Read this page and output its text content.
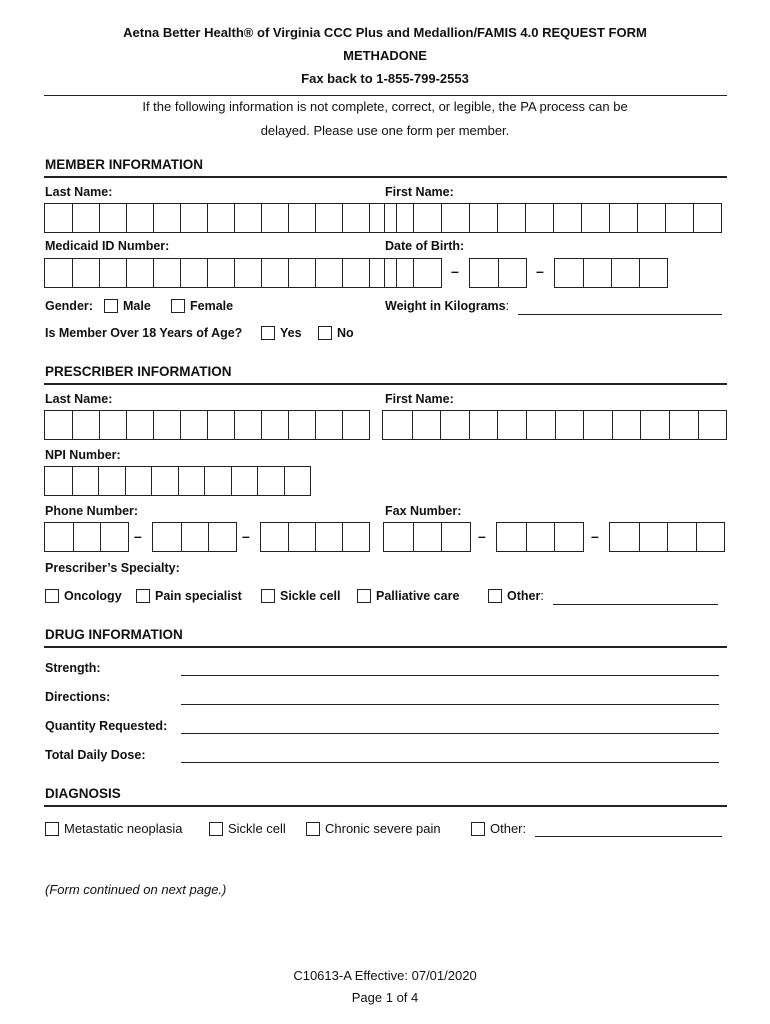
Aetna Better Health® of Virginia CCC Plus and Medallion/FAMIS 4.0 REQUEST FORM
METHADONE
Fax back to 1-855-799-2553
If the following information is not complete, correct, or legible, the PA process can be
delayed. Please use one form per member.
MEMBER INFORMATION
Last Name:	First Name:
Medicaid ID Number:	Date of Birth:
–	–
Gender:	Male	Female	Weight in Kilograms:
Is Member Over 18 Years of Age?	Yes	No
PRESCRIBER INFORMATION
Last Name:	First Name:
NPI Number:
Phone Number:	Fax Number:
–	–	–	–
Prescriber’s Specialty:
Oncology	Pain specialist	Sickle cell	Palliative care	Other:
DRUG INFORMATION
Strength:
Directions:
Quantity Requested:
Total Daily Dose:
DIAGNOSIS
Metastatic neoplasia	Sickle cell	Chronic severe pain	Other:
(Form continued on next page.)
C10613-A Effective: 07/01/2020
Page 1 of 4
